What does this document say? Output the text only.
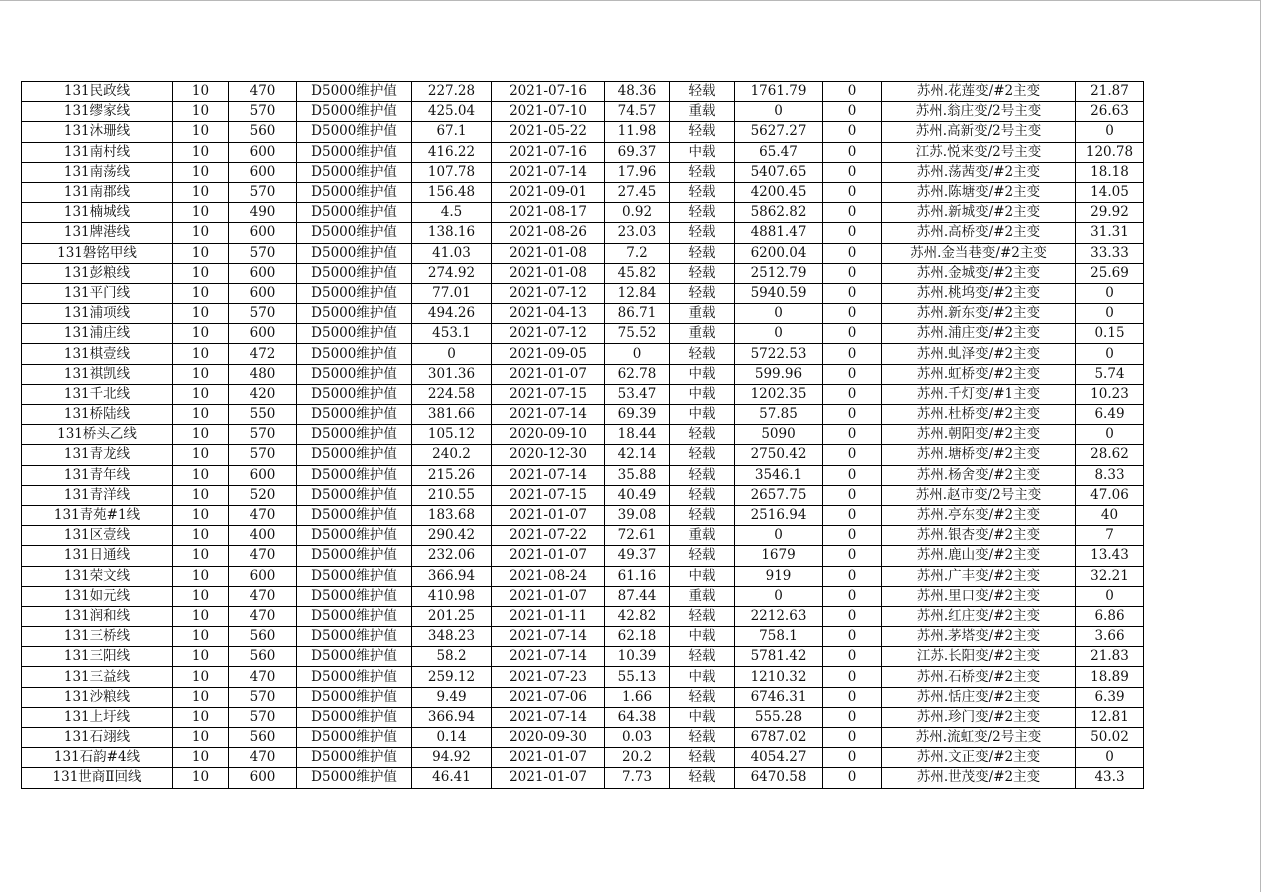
131民政线	10	470	D5000维护值	227.28	2021-07-16	48.36	轻载	1761.79	0	苏州.花莲变/#2主变	21.87
131缪家线	10	570	D5000维护值	425.04	2021-07-10	74.57	重载	0	0	苏州.翁庄变/2号主变	26.63
131沐珊线	10	560	D5000维护值	67.1	2021-05-22	11.98	轻载	5627.27	0	苏州.高新变/2号主变	0
131南村线	10	600	D5000维护值	416.22	2021-07-16	69.37	中载	65.47	0	江苏.悦来变/2号主变	120.78
131南荡线	10	600	D5000维护值	107.78	2021-07-14	17.96	轻载	5407.65	0	苏州.荡茜变/#2主变	18.18
131南郡线	10	570	D5000维护值	156.48	2021-09-01	27.45	轻载	4200.45	0	苏州.陈塘变/#2主变	14.05
131楠城线	10	490	D5000维护值	4.5	2021-08-17	0.92	轻载	5862.82	0	苏州.新城变/#2主变	29.92
131牌港线	10	600	D5000维护值	138.16	2021-08-26	23.03	轻载	4881.47	0	苏州.高桥变/#2主变	31.31
131磐铭甲线	10	570	D5000维护值	41.03	2021-01-08	7.2	轻载	6200.04	0	苏州.金当巷变/#2主变	33.33
131彭粮线	10	600	D5000维护值	274.92	2021-01-08	45.82	轻载	2512.79	0	苏州.金城变/#2主变	25.69
131平门线	10	600	D5000维护值	77.01	2021-07-12	12.84	轻载	5940.59	0	苏州.桃坞变/#2主变	0
131浦项线	10	570	D5000维护值	494.26	2021-04-13	86.71	重载	0	0	苏州.新东变/#2主变	0
131浦庄线	10	600	D5000维护值	453.1	2021-07-12	75.52	重载	0	0	苏州.浦庄变/#2主变	0.15
131棋壹线	10	472	D5000维护值	0	2021-09-05	0	轻载	5722.53	0	苏州.虬泽变/#2主变	0
131祺凯线	10	480	D5000维护值	301.36	2021-01-07	62.78	中载	599.96	0	苏州.虹桥变/#2主变	5.74
131千北线	10	420	D5000维护值	224.58	2021-07-15	53.47	中载	1202.35	0	苏州.千灯变/#1主变	10.23
131桥陆线	10	550	D5000维护值	381.66	2021-07-14	69.39	中载	57.85	0	苏州.杜桥变/#2主变	6.49
131桥头乙线	10	570	D5000维护值	105.12	2020-09-10	18.44	轻载	5090	0	苏州.朝阳变/#2主变	0
131青龙线	10	570	D5000维护值	240.2	2020-12-30	42.14	轻载	2750.42	0	苏州.塘桥变/#2主变	28.62
131青年线	10	600	D5000维护值	215.26	2021-07-14	35.88	轻载	3546.1	0	苏州.杨舍变/#2主变	8.33
131青洋线	10	520	D5000维护值	210.55	2021-07-15	40.49	轻载	2657.75	0	苏州.赵市变/2号主变	47.06
131青苑#1线	10	470	D5000维护值	183.68	2021-01-07	39.08	轻载	2516.94	0	苏州.亭东变/#2主变	40
131区壹线	10	400	D5000维护值	290.42	2021-07-22	72.61	重载	0	0	苏州.银杏变/#2主变	7
131日通线	10	470	D5000维护值	232.06	2021-01-07	49.37	轻载	1679	0	苏州.鹿山变/#2主变	13.43
131荣文线	10	600	D5000维护值	366.94	2021-08-24	61.16	中载	919	0	苏州.广丰变/#2主变	32.21
131如元线	10	470	D5000维护值	410.98	2021-01-07	87.44	重载	0	0	苏州.里口变/#2主变	0
131润和线	10	470	D5000维护值	201.25	2021-01-11	42.82	轻载	2212.63	0	苏州.红庄变/#2主变	6.86
131三桥线	10	560	D5000维护值	348.23	2021-07-14	62.18	中载	758.1	0	苏州.茅塔变/#2主变	3.66
131三阳线	10	560	D5000维护值	58.2	2021-07-14	10.39	轻载	5781.42	0	江苏.长阳变/#2主变	21.83
131三益线	10	470	D5000维护值	259.12	2021-07-23	55.13	中载	1210.32	0	苏州.石桥变/#2主变	18.89
131沙粮线	10	570	D5000维护值	9.49	2021-07-06	1.66	轻载	6746.31	0	苏州.恬庄变/#2主变	6.39
131上圩线	10	570	D5000维护值	366.94	2021-07-14	64.38	中载	555.28	0	苏州.珍门变/#2主变	12.81
131石翊线	10	560	D5000维护值	0.14	2020-09-30	0.03	轻载	6787.02	0	苏州.流虹变/2号主变	50.02
131石韵#4线	10	470	D5000维护值	94.92	2021-01-07	20.2	轻载	4054.27	0	苏州.文正变/#2主变	0
131世商Ⅱ回线	10	600	D5000维护值	46.41	2021-01-07	7.73	轻载	6470.58	0	苏州.世茂变/#2主变	43.3
